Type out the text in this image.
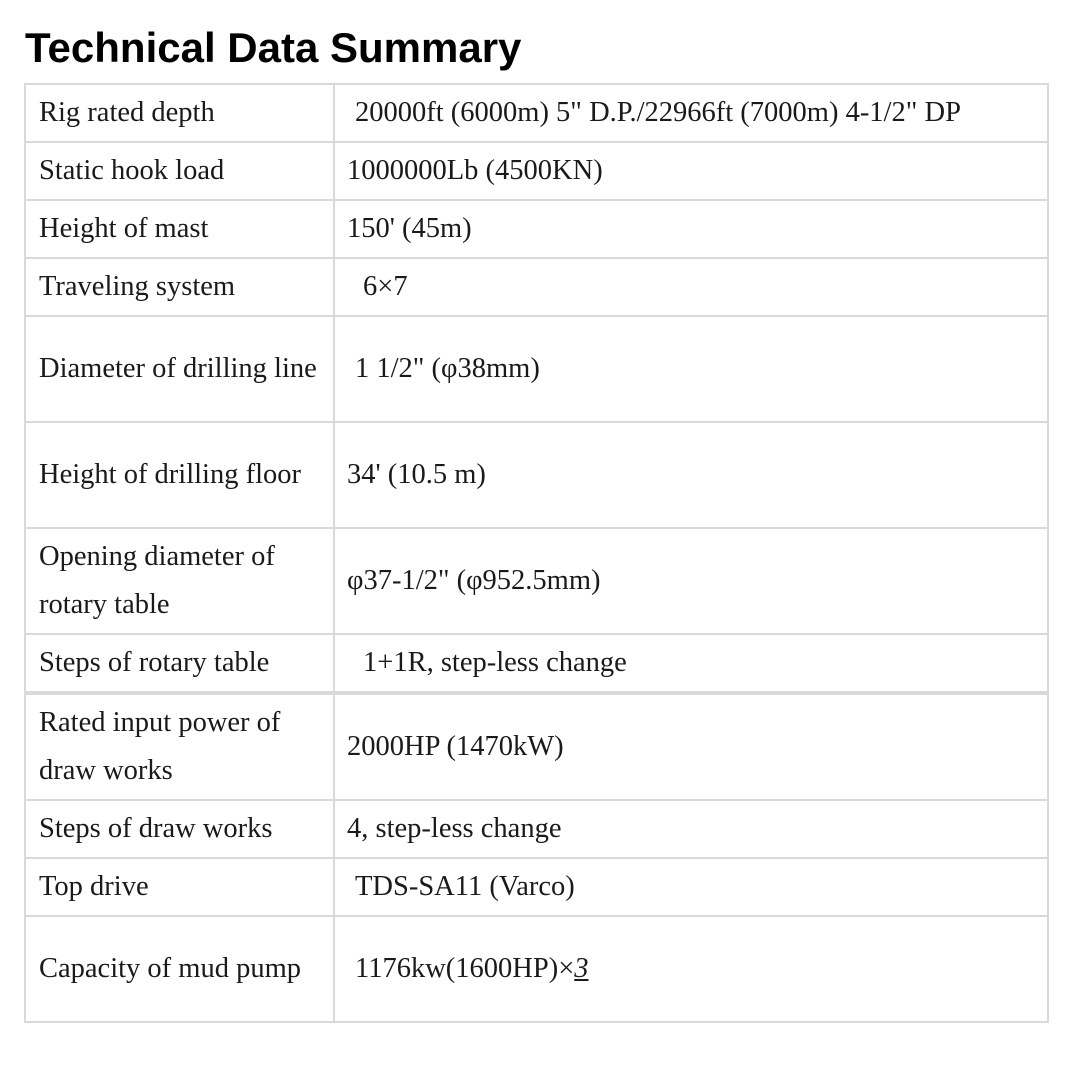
Technical Data Summary
Rig rated depth	20000ft (6000m) 5" D.P./22966ft (7000m) 4-1/2" DP
Static hook load	1000000Lb (4500KN)
Height of mast	150' (45m)
Traveling system	6×7
Diameter of drilling line	1 1/2" (φ38mm)
Height of drilling floor	34' (10.5 m)
Opening diameter of rotary table	φ37-1/2" (φ952.5mm)
Steps of rotary table	1+1R, step-less change
Rated input power of draw works	2000HP (1470kW)
Steps of draw works	4, step-less change
Top drive	TDS-SA11 (Varco)
Capacity of mud pump	1176kw(1600HP)×3
